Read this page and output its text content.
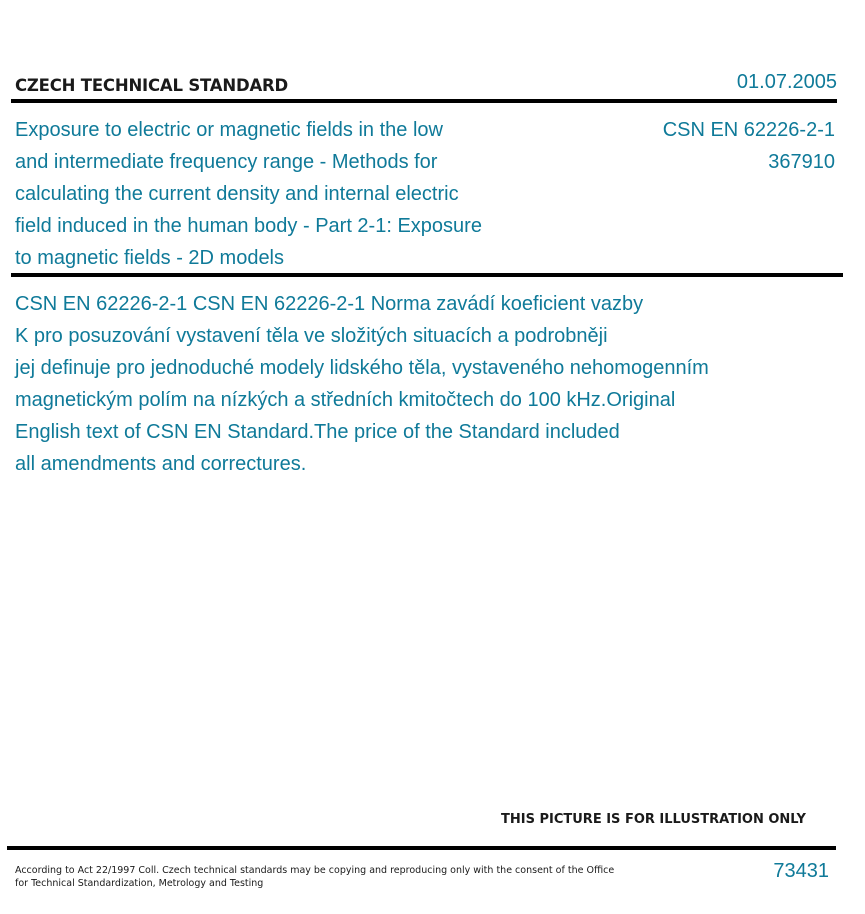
CZECH TECHNICAL STANDARD	01.07.2005
Exposure to electric or magnetic fields in the low
and intermediate frequency range - Methods for
calculating the current density and internal electric
field induced in the human body - Part 2-1: Exposure
to magnetic fields - 2D models
CSN EN 62226-2-1
367910

CSN EN 62226-2-1 CSN EN 62226-2-1 Norma zavádí koeficient vazby
K pro posuzování vystavení těla ve složitých situacích a podrobněji
jej definuje pro jednoduché modely lidského těla, vystaveného nehomogenním
magnetickým polím na nízkých a středních kmitočtech do 100 kHz.Original
English text of CSN EN Standard.The price of the Standard included
all amendments and correctures.

THIS PICTURE IS FOR ILLUSTRATION ONLY
According to Act 22/1997 Coll. Czech technical standards may be copying and reproducing only with the consent of the Office
for Technical Standardization, Metrology and Testing
73431
